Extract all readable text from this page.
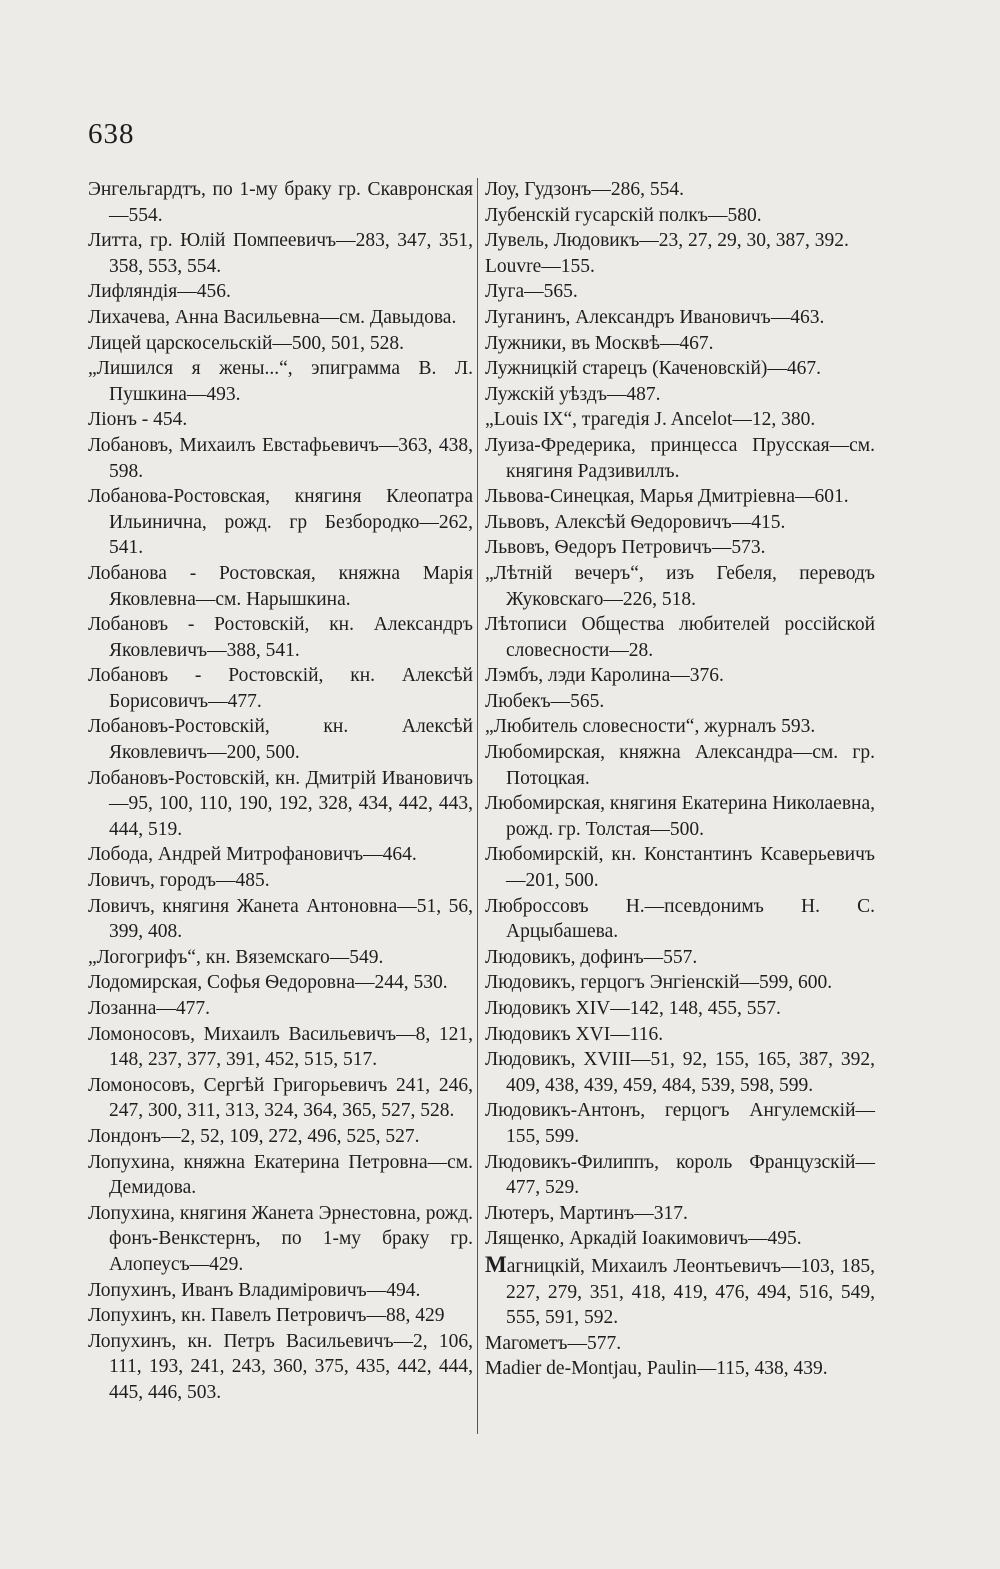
638

Энгельгардтъ, по 1-му браку гр. Скавронская—554.

Литта, гр. Юлій Помпеевичъ—283, 347, 351, 358, 553, 554.

Лифляндія—456.

Лихачева, Анна Васильевна—см. Давыдова.

Лицей царскосельскій—500, 501, 528.

„Лишился я жены...“, эпиграмма В. Л. Пушкина—493.

Ліонъ - 454.

Лобановъ, Михаилъ Евстафьевичъ—363, 438, 598.

Лобанова-Ростовская, княгиня Клеопатра Ильинична, рожд. гр Безбородко—262, 541.

Лобанова - Ростовская, княжна Марія Яковлевна—см. Нарышкина.

Лобановъ - Ростовскій, кн. Александръ Яковлевичъ—388, 541.

Лобановъ - Ростовскій, кн. Алексѣй Борисовичъ—477.

Лобановъ-Ростовскій, кн. Алексѣй Яковлевичъ—200, 500.

Лобановъ-Ростовскій, кн. Дмитрій Ивановичъ—95, 100, 110, 190, 192, 328, 434, 442, 443, 444, 519.

Лобода, Андрей Митрофановичъ—464.

Ловичъ, городъ—485.

Ловичъ, княгиня Жанета Антоновна—51, 56, 399, 408.

„Логогрифъ“, кн. Вяземскаго—549.

Лодомирская, Софья Ѳедоровна—244, 530.

Лозанна—477.

Ломоносовъ, Михаилъ Васильевичъ—8, 121, 148, 237, 377, 391, 452, 515, 517.

Ломоносовъ, Сергѣй Григорьевичъ 241, 246, 247, 300, 311, 313, 324, 364, 365, 527, 528.

Лондонъ—2, 52, 109, 272, 496, 525, 527.

Лопухина, княжна Екатерина Петровна—см. Демидова.

Лопухина, княгиня Жанета Эрнестовна, рожд. фонъ-Венкстернъ, по 1-му браку гр. Алопеусъ—429.

Лопухинъ, Иванъ Владиміровичъ—494.

Лопухинъ, кн. Павелъ Петровичъ—88, 429

Лопухинъ, кн. Петръ Васильевичъ—2, 106, 111, 193, 241, 243, 360, 375, 435, 442, 444, 445, 446, 503.

Лоу, Гудзонъ—286, 554.

Лубенскій гусарскій полкъ—580.

Лувель, Людовикъ—23, 27, 29, 30, 387, 392.

Louvre—155.

Луга—565.

Луганинъ, Александръ Ивановичъ—463.

Лужники, въ Москвѣ—467.

Лужницкій старецъ (Каченовскій)—467.

Лужскій уѣздъ—487.

„Louis IX“, трагедія J. Ancelot—12, 380.

Луиза-Фредерика, принцесса Прусская—см. княгиня Радзивиллъ.

Львова-Синецкая, Марья Дмитріевна—601.

Львовъ, Алексѣй Ѳедоровичъ—415.

Львовъ, Ѳедоръ Петровичъ—573.

„Лѣтній вечеръ“, изъ Гебеля, переводъ Жуковскаго—226, 518.

Лѣтописи Общества любителей россійской словесности—28.

Лэмбъ, лэди Каролина—376.

Любекъ—565.

„Любитель словесности“, журналъ 593.

Любомирская, княжна Александра—см. гр. Потоцкая.

Любомирская, княгиня Екатерина Николаевна, рожд. гр. Толстая—500.

Любомирскій, кн. Константинъ Ксаверьевичъ—201, 500.

Люброссовъ Н.—псевдонимъ Н. С. Арцыбашева.

Людовикъ, дофинъ—557.

Людовикъ, герцогъ Энгіенскій—599, 600.

Людовикъ XIV—142, 148, 455, 557.

Людовикъ XVI—116.

Людовикъ, XVIII—51, 92, 155, 165, 387, 392, 409, 438, 439, 459, 484, 539, 598, 599.

Людовикъ-Антонъ, герцогъ Ангулемскій—155, 599.

Людовикъ-Филиппъ, король Французскій—477, 529.

Лютеръ, Мартинъ—317.

Лященко, Аркадій Іоакимовичъ—495.

Магницкій, Михаилъ Леонтьевичъ—103, 185, 227, 279, 351, 418, 419, 476, 494, 516, 549, 555, 591, 592.

Магометъ—577.

Madier de-Montjau, Paulin—115, 438, 439.
